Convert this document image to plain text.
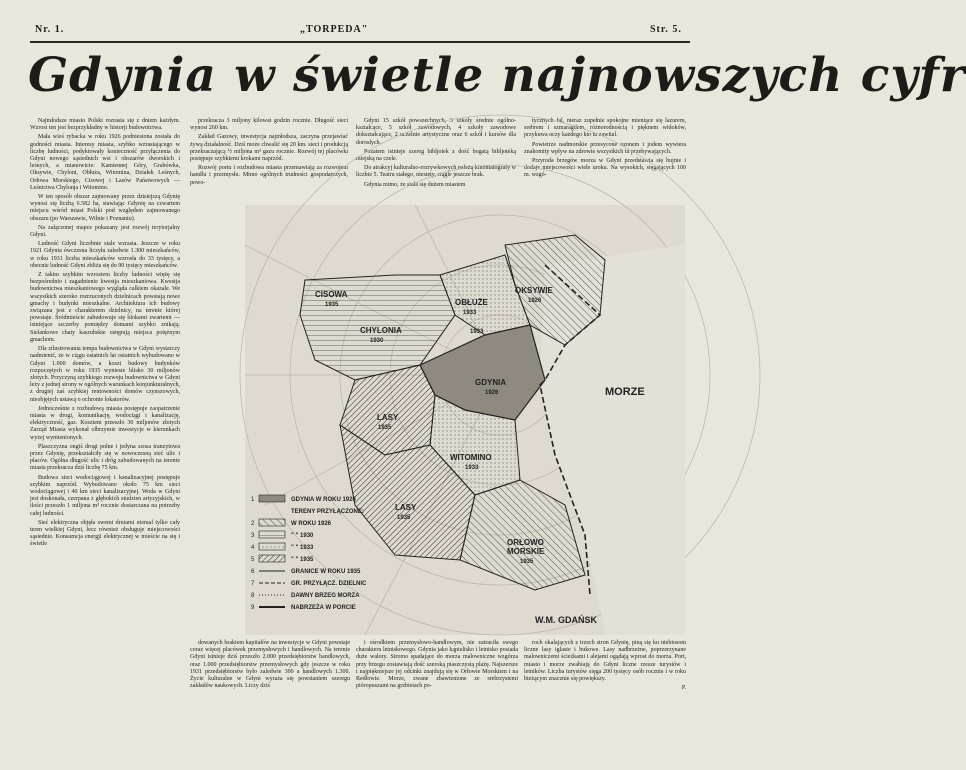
Nr. 1.	„TORPEDA"	Str. 5.
Gdynia w świetle najnowszych cyfr

Najmłodsze miasto Polski rozrasta się z dniem każdym. Wzrost ten jest bezprzykładny w historji budownictwa.

Mała wieś rybacka w roku 1926 podniesiona została do godności miasta. Interesy miasta, szybko wzrastającego w liczbę ludności, podyktowały konieczność przyłączenia do Gdyni nowego sąsiednich wsi i obszarów dworskich i leśnych, a mianowicie: Kamiennej Góry, Grabówka, Oksywie, Chyloni, Obłuża, Witomina, Działek Leśnych, Orłowa Morskiego, Cisowej i Lasów Państwowych — Leśnictwa Chylonja i Witomino.

W ten sposób obszar zajmowany przez dzisiejszą Gdynię wynosi się liczbą 6.582 ha, stawiając Gdynię na czwartem miejscu wśród miast Polski pod względem zajmowanego obszaru (po Warszawie, Wilnie i Poznaniu).

Na załączonej mapce pokazany jest rozwój terytorjalny Gdyni.

Ludność Gdyni liczebnie stale wzrasta. Jeszcze w roku 1921 Gdynia ówczesna liczyła zaledwie 1.300 mieszkańców, w roku 1931 liczba mieszkańców wzrosła do 33 tysięcy, a obecnie ludność Gdyni zbliża się do 90 tysięcy mieszkańców.

Z takim szybkim wzrostem liczby ludności więżę się bezpośrednio i zagadnienie kwestja mieszkaniowa. Kwestja budownictwa mieszkaniowego wygląda calkiem okazale. We wszystkich szeroko rozrzuconych dzielnicach powstają nowe gmachy i budynki mieszkalne. Architektura ich budowy związana jest z charakterem dzielnicy, na terenie której powstaje. Śródmieście zabudowuje się blokami zwartemi — istniejące szczerby pomiędzy domami szybko znikają. Sielankowe chaty kaszubskie ustępują miejsca potężnym gmachom.

Dla zilustrowania tempa budownictwa w Gdyni wystarczy nadmienić, że w ciągu ostatnich lat ostatnich wybudowano w Gdyni 1.000 domów, a koszt budowy budynków rozpoczętych w roku 1935 wyniesie blisko 30 miljonów złotych. Przyczyną szybkiego rozwoju budownictwa w Gdyni leży z jednej strony w ogólnych warunkach konjunkturalnych, z drugiej zaś szybkiej rentowności domów czynszowych, nieobjętych ustawą o ochronie lokatorów.

Jednocześnie z rozbudową miasta postępuje zaopatrzenie miasta w drogi, komunikację, wodociągi i kanalizację, elektryczność, gaz. Kosztem przeszło 30 miljonów złotych Zarząd Miasta wykonał olbrzymie inwestycje w kierunkach wyżej wymienionych.

Plaszczyzna ongiś drogi polne i jedyna szosa tranzytowa przez Gdynię, przekształciły się w nowoczesną sieć ulic i placów. Ogólna długość ulic i dróg zabudowanych na terenie miasta przekracza dziś liczbę 75 km.

Budowa sieci wodociągowej i kanalizacyjnej postępuje szybkim naprzód. Wybudowano około 75 km sieci wodociągowej i 40 km sieci kanalizacyjnej. Woda w Gdyni jest doskonała, czerpana z głębokich studzien artyzyjskich, w ilości przeszło 1 miljona m³ rocznie dostarczana na potrzeby całej ludności.

Sieć elektryczna objęła swemi drutami niemal tylko cały teren wielkiej Gdyni, lecz również obsługuje miejscowości sąsiednie. Konsumcja energji elektrycznej w mieście na się i świetle

przekracza 3 miljony kilowat godzin rocznie. Długość sieci wynosi 260 km.

Zakład Gazowy, inwestycja najmłodsza, zaczyna przejawiać żywą działalność. Dziś może chwalić się 20 km. sieci i produkcją przekraczającą ½ miljona m³ gazu rocznie. Rozwój tej placówki postępuje szybkiemi krokami naprzód.

Rozwój portu i rozbudowa miasta przemawiają za rozwojem handlu i przemysłu. Mimo ogólnych trudności gospodarczych, powo-

Gdyni 15 szkół powszechnych, 3 szkoły średnie ogólno-kształcące, 5 szkół zawodowych, 4 szkoły zawodowe dokształcające, 2 uczelnie artystyczne oraz 6 szkół i kursów dla dorosłych.

Pozatem istnieje szereg bibljotek z dość bogatą bibljoteką miejską na czele.

Do atrakcyj kulturalno-rozrywkowych należą kinomatografy w liczbie 5. Teatru stałego, niestety, ciągle jeszcze brak.

Gdynia mimo, że stała się dużem miastem

tycznych fal, nieraz zupełnie spokojne mieniące się lazurem, srebrem i szmaragdem, różnorodnością i pięknem widoków, przykuwa oczy każdego kto tu zawital.

Powietrze nadmorskie przesycone ozonem i jodem wywiera znakomity wpływ na zdrowie wszystkich tu przebywających.

Przyroda brzegów morza w Gdyni przedstawia się bujnie i dodaje miejscowości wiele uroku. Na wysokich, sięgających 100 m. wzgó-

CISOWA
1935
CHYLONIA
1930
OBŁUŻE
1933
OKSYWIE
1926
1933
MORZE
GDYNIA
1926
LASY
1935
WITOMINO
1933
LASY
1935
ORŁOWO
MORSKIE
1935
W.M. GDAŃSK
1	GDYNIA W ROKU 1926
TERENY PRZYŁĄCZONE:
2	W ROKU 1926
3	" " 1930
4	" " 1933
5	" " 1935
6	GRANICE W ROKU 1935
7	GR. PRZYŁĄCZ. DZIELNIC
8	DAWNY BRZEG MORZA
9	NABRZEŻA W PORCIE

dowanych brakiem kapitałów na inwestycje w Gdyni powstaje coraz więcej placówek przemysłowych i handlowych. Na terenie Gdyni istnieje dziś przeszło 2.000 przedsiębiorstw handlowych, oraz 1.000 przedsiębiorstw przemysłowych gdy jeszcze w roku 1931 przedsiębiorstw było zaledwie 300 a handlowych 1.300. Życie kulturalne w Gdyni wyraża się powstaniem szeregu zakładów naukowych. Liczy dziś

i ośrodkiem przemysłowo-handlowym, nie zatraciła swego charakteru letniskowego. Gdynia jako kąpielisko i letnisko posiada duże walory. Stromo spadające do morza malowniczne wzgórza przy brzegu zostawiają dość szeroką piaszczystą plażę. Najszersze i najpiękniejsze jej odcinki znajdują się w Orłowie Morskiem i na Redłowie. Morze, zwane zbawienione ze srebrzystemi pióropuszami na grzbietach po-

roch okalających z trzech stron Gdynię, piną się ku niebiosom liczne lasy iglaste i bukowe. Lasy nadbrzeżne, poprzerzynane malowniczemi ścieżkami i alejami ogądają wprost do morza. Port, miasto i morze zwabiają do Gdyni liczne rzesze turystów i letników. Liczba turystów sięga 200 tysięcy osób rocznie i w roku bieżącym znacznie się powiększy.

P.
